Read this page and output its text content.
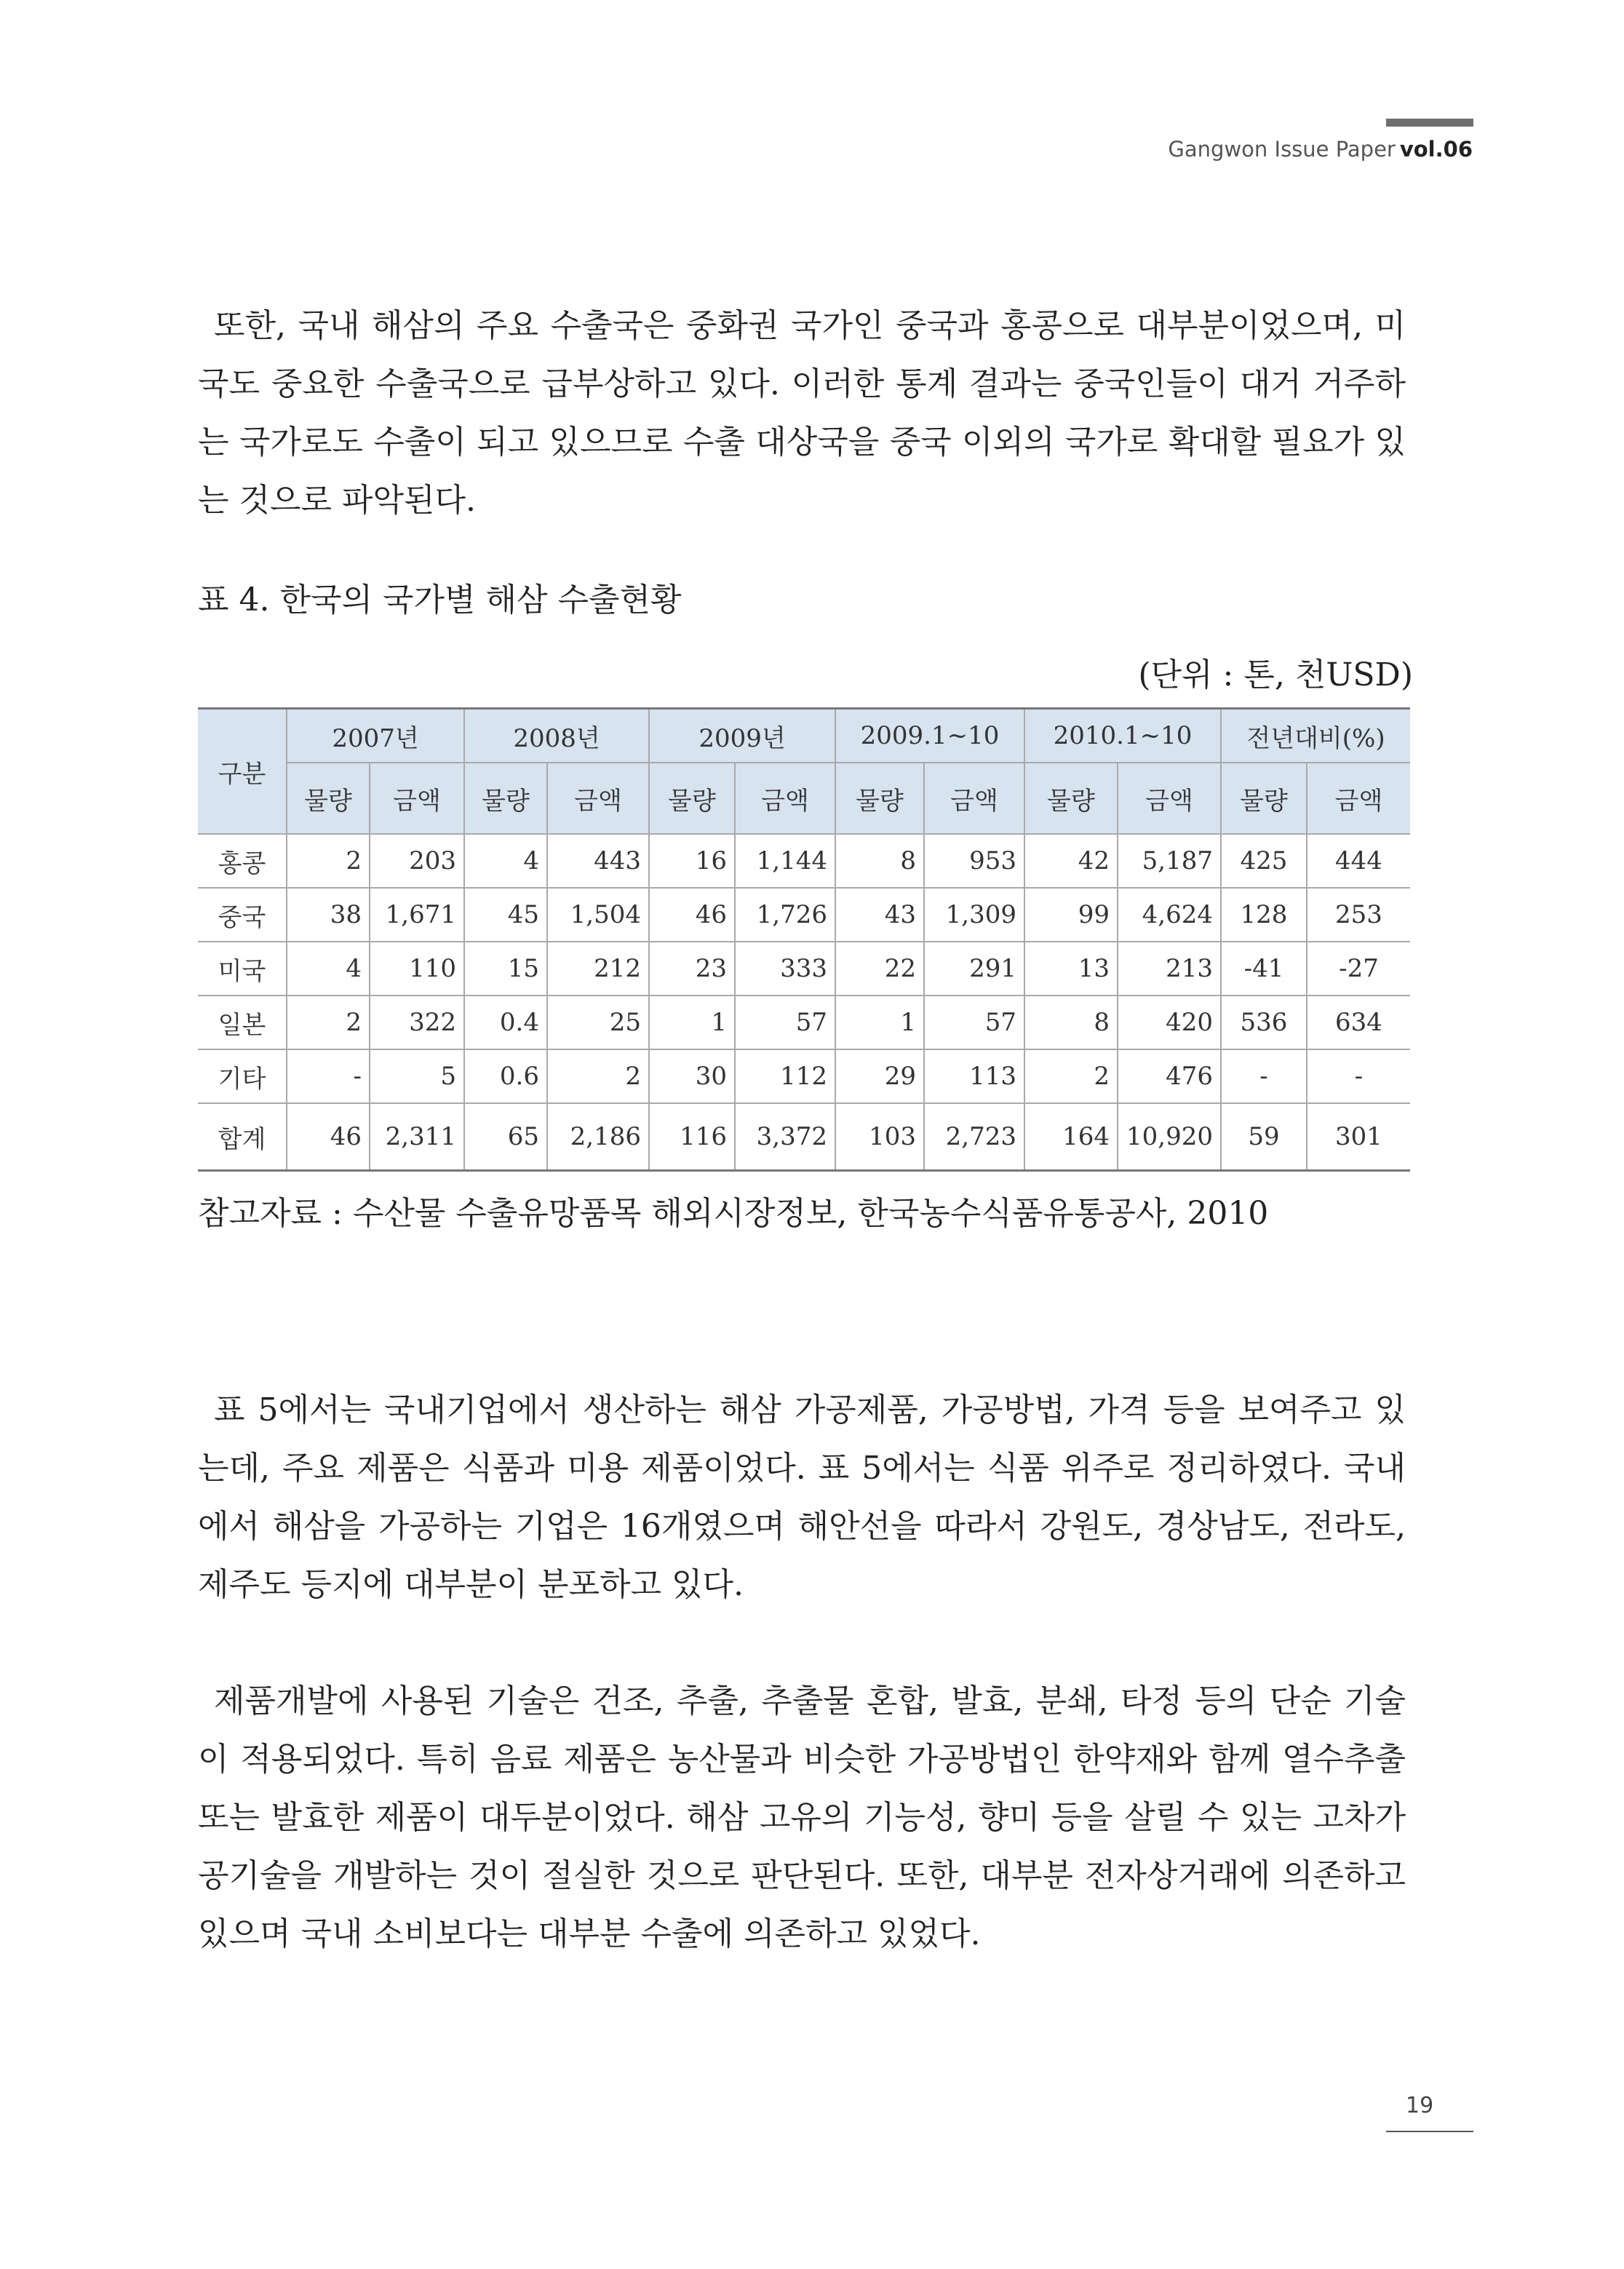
Gangwon Issue Paper vol.06

또한, 국내 해삼의 주요 수출국은 중화권 국가인 중국과 홍콩으로 대부분이었으며, 미국도 중요한 수출국으로 급부상하고 있다. 이러한 통계 결과는 중국인들이 대거 거주하는 국가로도 수출이 되고 있으므로 수출 대상국을 중국 이외의 국가로 확대할 필요가 있는 것으로 파악된다.

표 4. 한국의 국가별 해삼 수출현황

(단위 : 톤, 천USD)
구분	2007년		2008년		2009년		2009.1~10		2010.1~10		전년대비(%)	
	물량	금액	물량	금액	물량	금액	물량	금액	물량	금액	물량	금액
홍콩	2	203	4	443	16	1,144	8	953	42	5,187	425	444
중국	38	1,671	45	1,504	46	1,726	43	1,309	99	4,624	128	253
미국	4	110	15	212	23	333	22	291	13	213	-41	-27
일본	2	322	0.4	25	1	57	1	57	8	420	536	634
기타	-	5	0.6	2	30	112	29	113	2	476	-	-
합계	46	2,311	65	2,186	116	3,372	103	2,723	164	10,920	59	301

참고자료 : 수산물 수출유망품목 해외시장정보, 한국농수식품유통공사, 2010

표 5에서는 국내기업에서 생산하는 해삼 가공제품, 가공방법, 가격 등을 보여주고 있는데, 주요 제품은 식품과 미용 제품이었다. 표 5에서는 식품 위주로 정리하였다. 국내에서 해삼을 가공하는 기업은 16개였으며 해안선을 따라서 강원도, 경상남도, 전라도, 제주도 등지에 대부분이 분포하고 있다.

제품개발에 사용된 기술은 건조, 추출, 추출물 혼합, 발효, 분쇄, 타정 등의 단순 기술이 적용되었다. 특히 음료 제품은 농산물과 비슷한 가공방법인 한약재와 함께 열수추출 또는 발효한 제품이 대두분이었다. 해삼 고유의 기능성, 향미 등을 살릴 수 있는 고차가공기술을 개발하는 것이 절실한 것으로 판단된다. 또한, 대부분 전자상거래에 의존하고 있으며 국내 소비보다는 대부분 수출에 의존하고 있었다.

19
